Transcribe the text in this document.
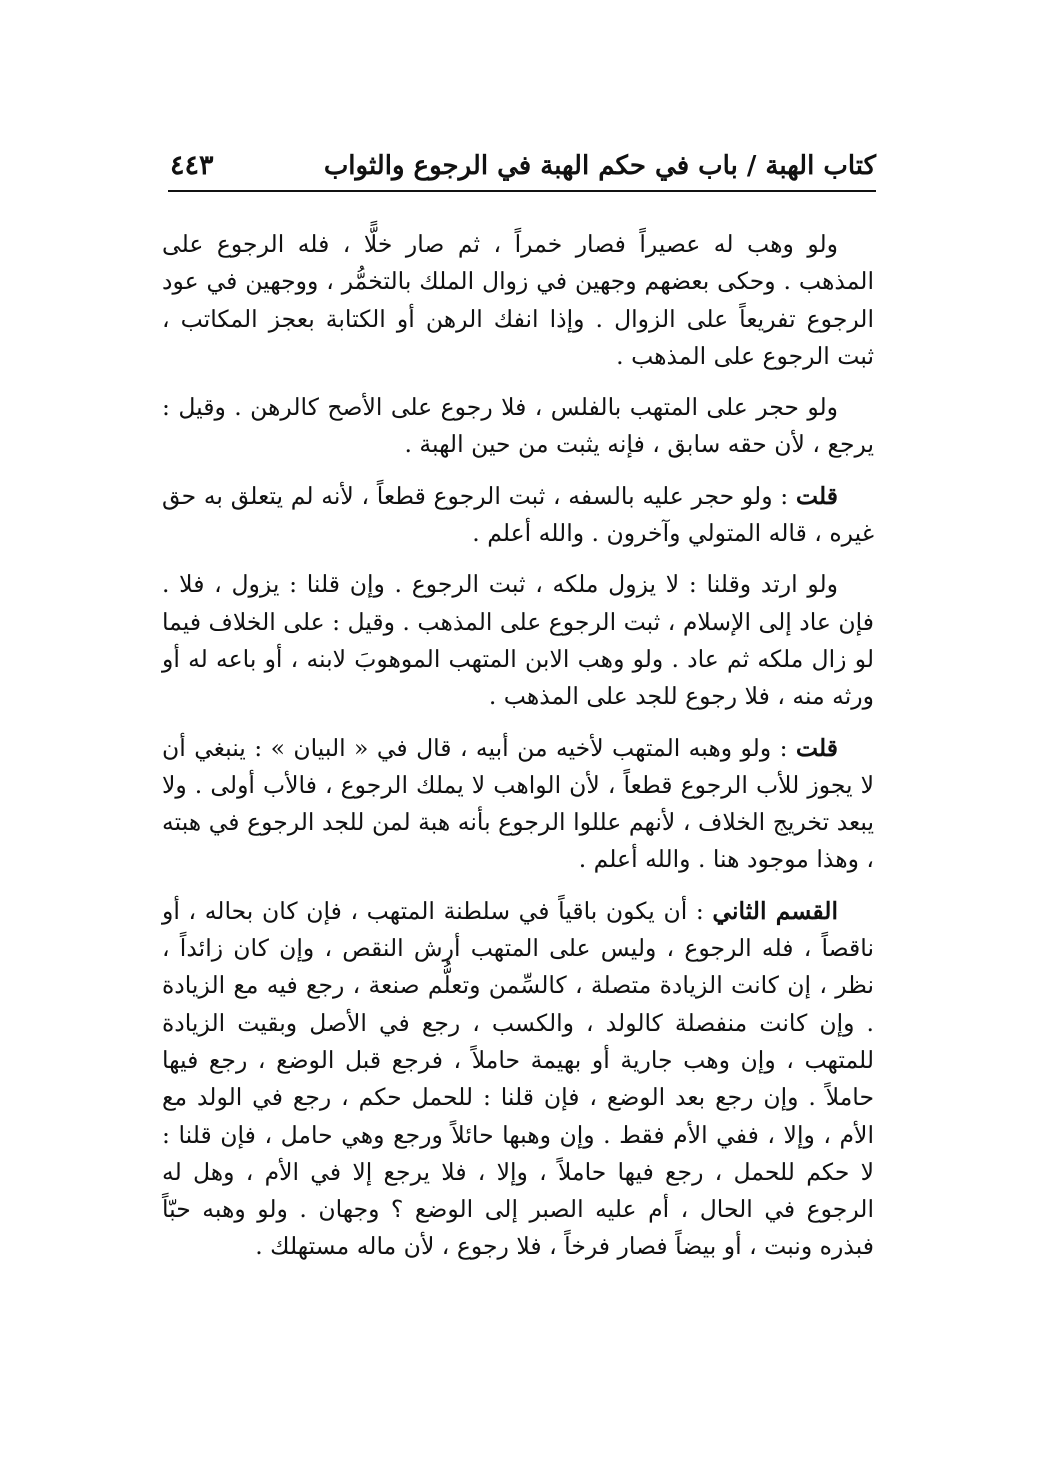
كتاب الهبة / باب في حكم الهبة في الرجوع والثواب
٤٤٣

ولو وهب له عصيراً فصار خمراً ، ثم صار خلًّا ، فله الرجوع على المذهب . وحكى بعضهم وجهين في زوال الملك بالتخمُّر ، ووجهين في عود الرجوع تفريعاً على الزوال . وإذا انفك الرهن أو الكتابة بعجز المكاتب ، ثبت الرجوع على المذهب .

ولو حجر على المتهب بالفلس ، فلا رجوع على الأصح كالرهن . وقيل : يرجع ، لأن حقه سابق ، فإنه يثبت من حين الهبة .

قلت : ولو حجر عليه بالسفه ، ثبت الرجوع قطعاً ، لأنه لم يتعلق به حق غيره ، قاله المتولي وآخرون . والله أعلم .

ولو ارتد وقلنا : لا يزول ملكه ، ثبت الرجوع . وإن قلنا : يزول ، فلا . فإن عاد إلى الإسلام ، ثبت الرجوع على المذهب . وقيل : على الخلاف فيما لو زال ملكه ثم عاد . ولو وهب الابن المتهب الموهوبَ لابنه ، أو باعه له أو ورثه منه ، فلا رجوع للجد على المذهب .

قلت : ولو وهبه المتهب لأخيه من أبيه ، قال في « البيان » : ينبغي أن لا يجوز للأب الرجوع قطعاً ، لأن الواهب لا يملك الرجوع ، فالأب أولى . ولا يبعد تخريج الخلاف ، لأنهم عللوا الرجوع بأنه هبة لمن للجد الرجوع في هبته ، وهذا موجود هنا . والله أعلم .

القسم الثاني : أن يكون باقياً في سلطنة المتهب ، فإن كان بحاله ، أو ناقصاً ، فله الرجوع ، وليس على المتهب أرش النقص ، وإن كان زائداً ، نظر ، إن كانت الزيادة متصلة ، كالسِّمن وتعلُّم صنعة ، رجع فيه مع الزيادة . وإن كانت منفصلة كالولد ، والكسب ، رجع في الأصل وبقيت الزيادة للمتهب ، وإن وهب جارية أو بهيمة حاملاً ، فرجع قبل الوضع ، رجع فيها حاملاً . وإن رجع بعد الوضع ، فإن قلنا : للحمل حكم ، رجع في الولد مع الأم ، وإلا ، ففي الأم فقط . وإن وهبها حائلاً ورجع وهي حامل ، فإن قلنا : لا حكم للحمل ، رجع فيها حاملاً ، وإلا ، فلا يرجع إلا في الأم ، وهل له الرجوع في الحال ، أم عليه الصبر إلى الوضع ؟ وجهان . ولو وهبه حبّاً فبذره ونبت ، أو بيضاً فصار فرخاً ، فلا رجوع ، لأن ماله مستهلك .
